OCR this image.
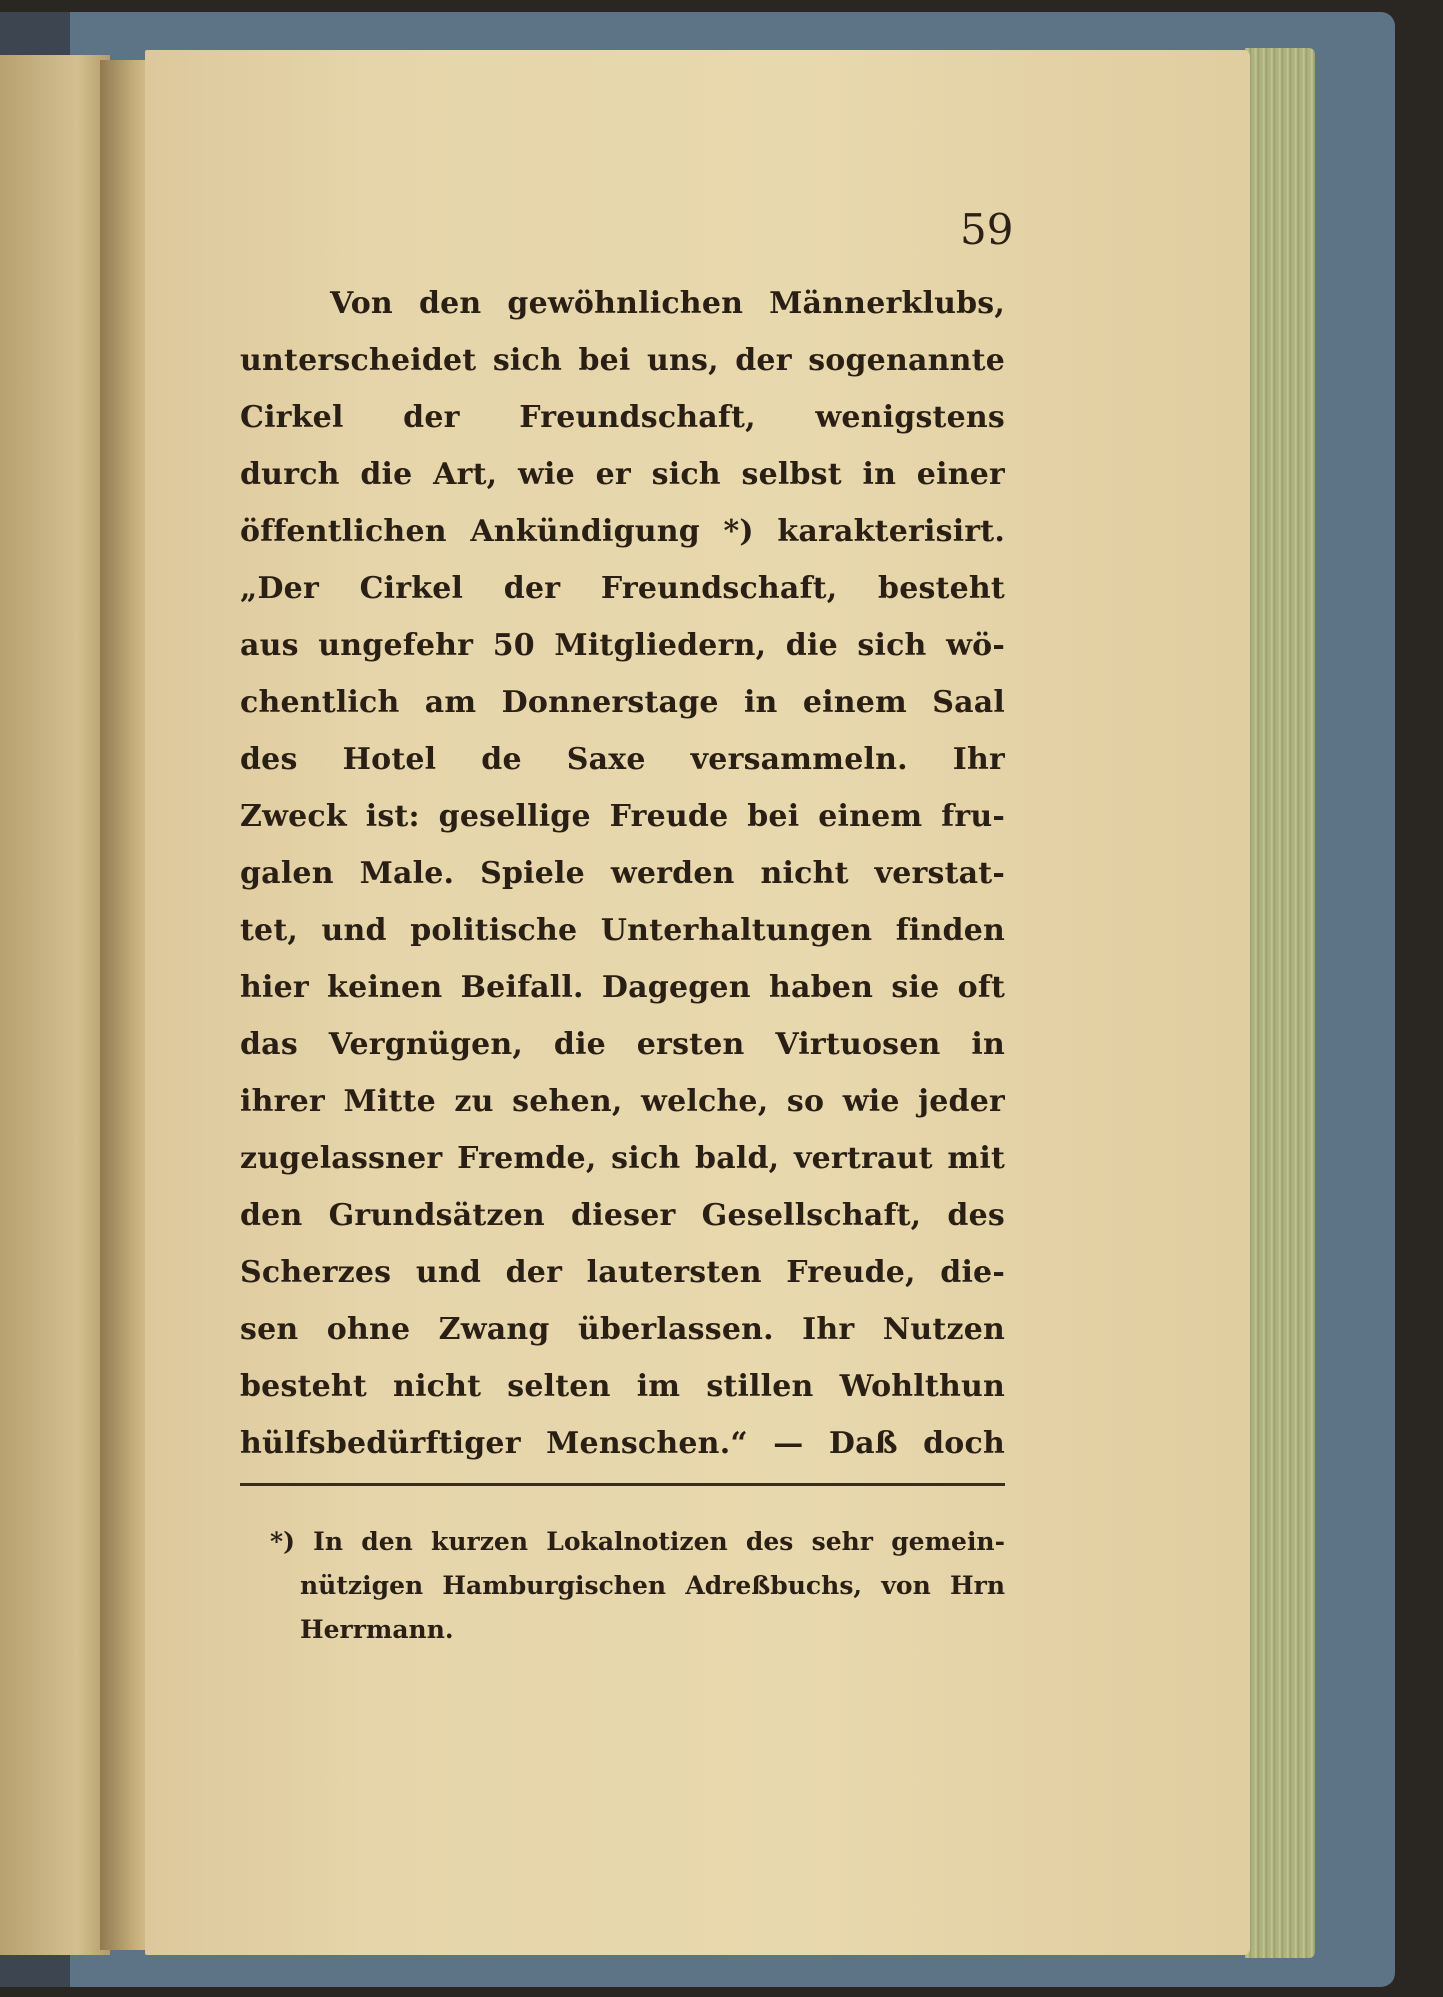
59
Von den gewöhnlichen Männerklubs,
unterscheidet sich bei uns, der sogenannte
Cirkel der Freundschaft, wenigstens
durch die Art, wie er sich selbst in einer
öffentlichen Ankündigung *) karakterisirt.
„Der Cirkel der Freundschaft, besteht
aus ungefehr 50 Mitgliedern, die sich wö-
chentlich am Donnerstage in einem Saal
des Hotel de Saxe versammeln. Ihr
Zweck ist: gesellige Freude bei einem fru-
galen Male. Spiele werden nicht verstat-
tet, und politische Unterhaltungen finden
hier keinen Beifall. Dagegen haben sie oft
das Vergnügen, die ersten Virtuosen in
ihrer Mitte zu sehen, welche, so wie jeder
zugelassner Fremde, sich bald, vertraut mit
den Grundsätzen dieser Gesellschaft, des
Scherzes und der lautersten Freude, die-
sen ohne Zwang überlassen. Ihr Nutzen
besteht nicht selten im stillen Wohlthun
hülfsbedürftiger Menschen.“ — Daß doch
*) In den kurzen Lokalnotizen des sehr gemein-
nützigen Hamburgischen Adreßbuchs, von Hrn
Herrmann.
